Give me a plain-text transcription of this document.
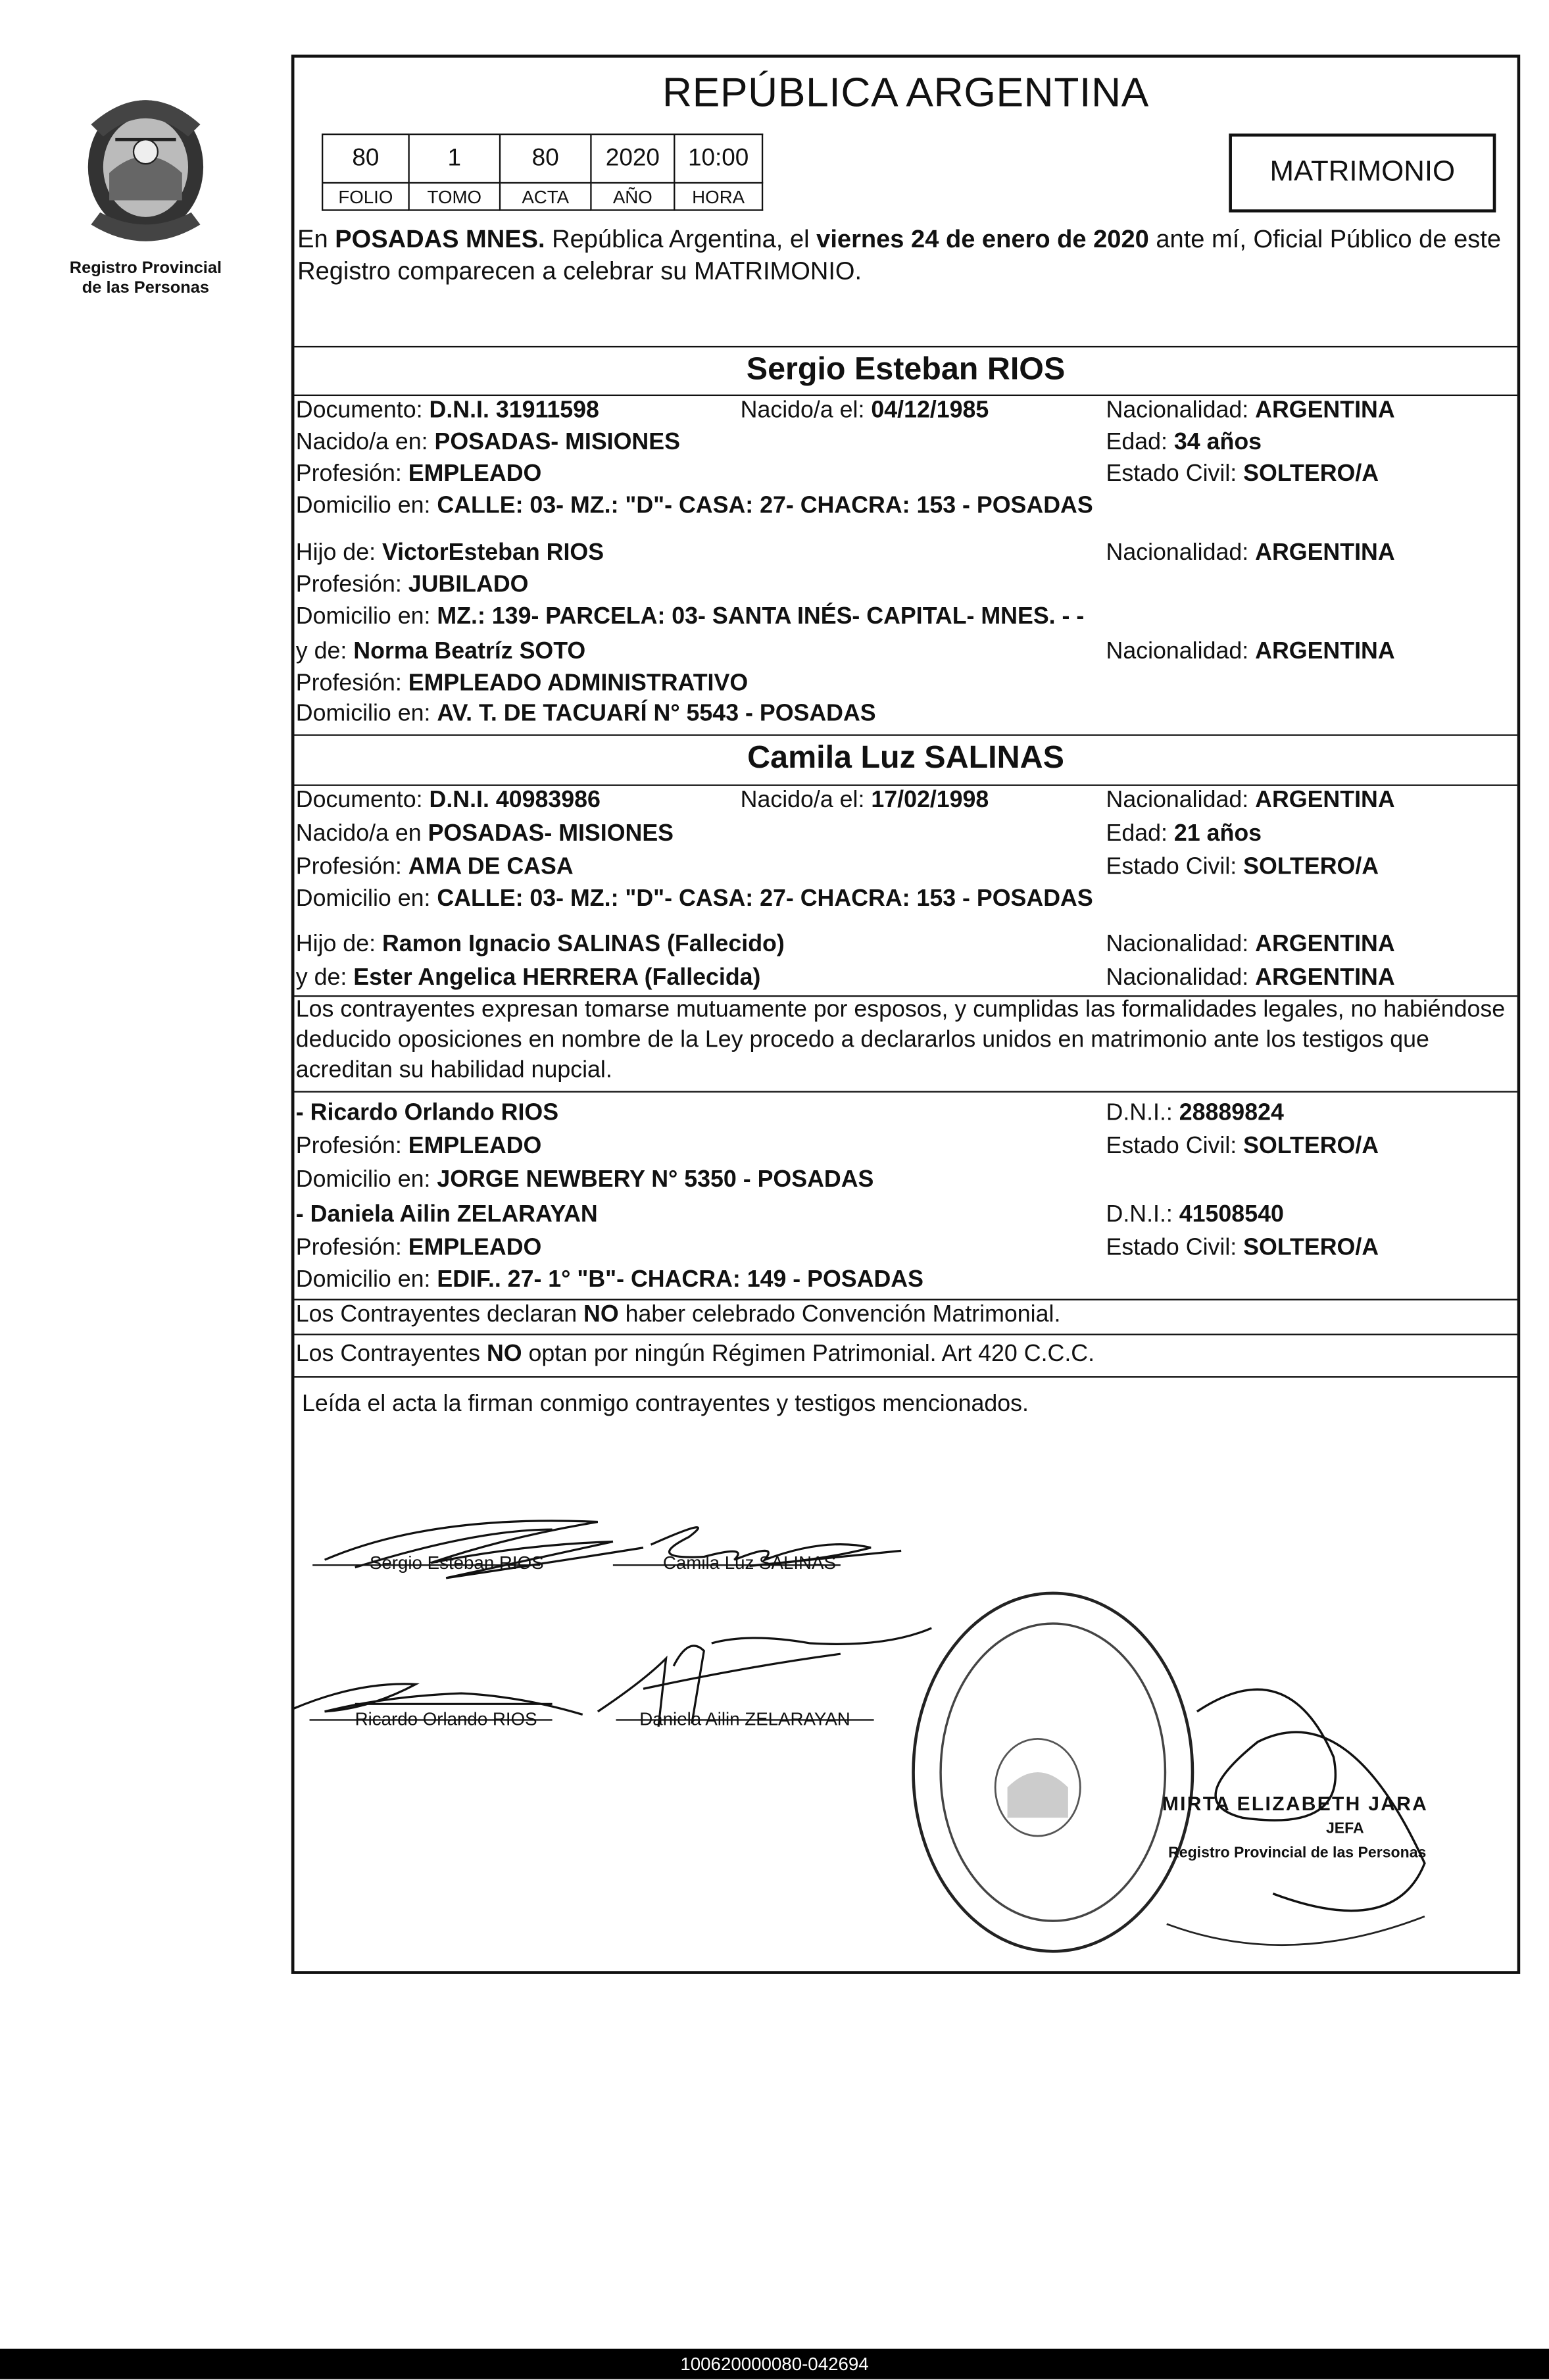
Registro Provincial
de las Personas
REPÚBLICA ARGENTINA
80	1	80	2020	10:00
FOLIO	TOMO	ACTA	AÑO	HORA
MATRIMONIO
En POSADAS MNES. República Argentina, el viernes 24 de enero de 2020 ante mí, Oficial Público de este Registro comparecen a celebrar su MATRIMONIO.
Sergio Esteban RIOS
Documento: D.N.I. 31911598	Nacido/a el: 04/12/1985	Nacionalidad: ARGENTINA
Nacido/a en: POSADAS- MISIONES	Edad: 34 años
Profesión: EMPLEADO	Estado Civil: SOLTERO/A
Domicilio en: CALLE: 03- MZ.: "D"- CASA: 27- CHACRA: 153 - POSADAS
Hijo de: VictorEsteban RIOS	Nacionalidad: ARGENTINA
Profesión: JUBILADO
Domicilio en: MZ.: 139- PARCELA: 03- SANTA INÉS- CAPITAL- MNES. - -
y de: Norma Beatríz SOTO	Nacionalidad: ARGENTINA
Profesión: EMPLEADO ADMINISTRATIVO
Domicilio en: AV. T. DE TACUARÍ N° 5543 - POSADAS
Camila Luz SALINAS
Documento: D.N.I. 40983986	Nacido/a el: 17/02/1998	Nacionalidad: ARGENTINA
Nacido/a en POSADAS- MISIONES	Edad: 21 años
Profesión: AMA DE CASA	Estado Civil: SOLTERO/A
Domicilio en: CALLE: 03- MZ.: "D"- CASA: 27- CHACRA: 153 - POSADAS
Hijo de: Ramon Ignacio SALINAS (Fallecido)	Nacionalidad: ARGENTINA
y de: Ester Angelica HERRERA (Fallecida)	Nacionalidad: ARGENTINA
Los contrayentes expresan tomarse mutuamente por esposos, y cumplidas las formalidades legales, no habiéndose deducido oposiciones en nombre de la Ley procedo a declararlos unidos en matrimonio ante los testigos que acreditan su habilidad nupcial.
- Ricardo Orlando RIOS	D.N.I.: 28889824
Profesión: EMPLEADO	Estado Civil: SOLTERO/A
Domicilio en: JORGE NEWBERY N° 5350 - POSADAS
- Daniela Ailin ZELARAYAN	D.N.I.: 41508540
Profesión: EMPLEADO	Estado Civil: SOLTERO/A
Domicilio en: EDIF.. 27- 1° "B"- CHACRA: 149 - POSADAS
Los Contrayentes declaran NO haber celebrado Convención Matrimonial.
Los Contrayentes NO optan por ningún Régimen Patrimonial. Art 420 C.C.C.
Leída el acta la firman conmigo contrayentes y testigos mencionados.
Sergio Esteban RIOS	Camila Luz SALINAS
Ricardo Orlando RIOS	Daniela Ailin ZELARAYAN
MIRTA ELIZABETH JARA
JEFA
Registro Provincial de las Personas
100620000080-042694
